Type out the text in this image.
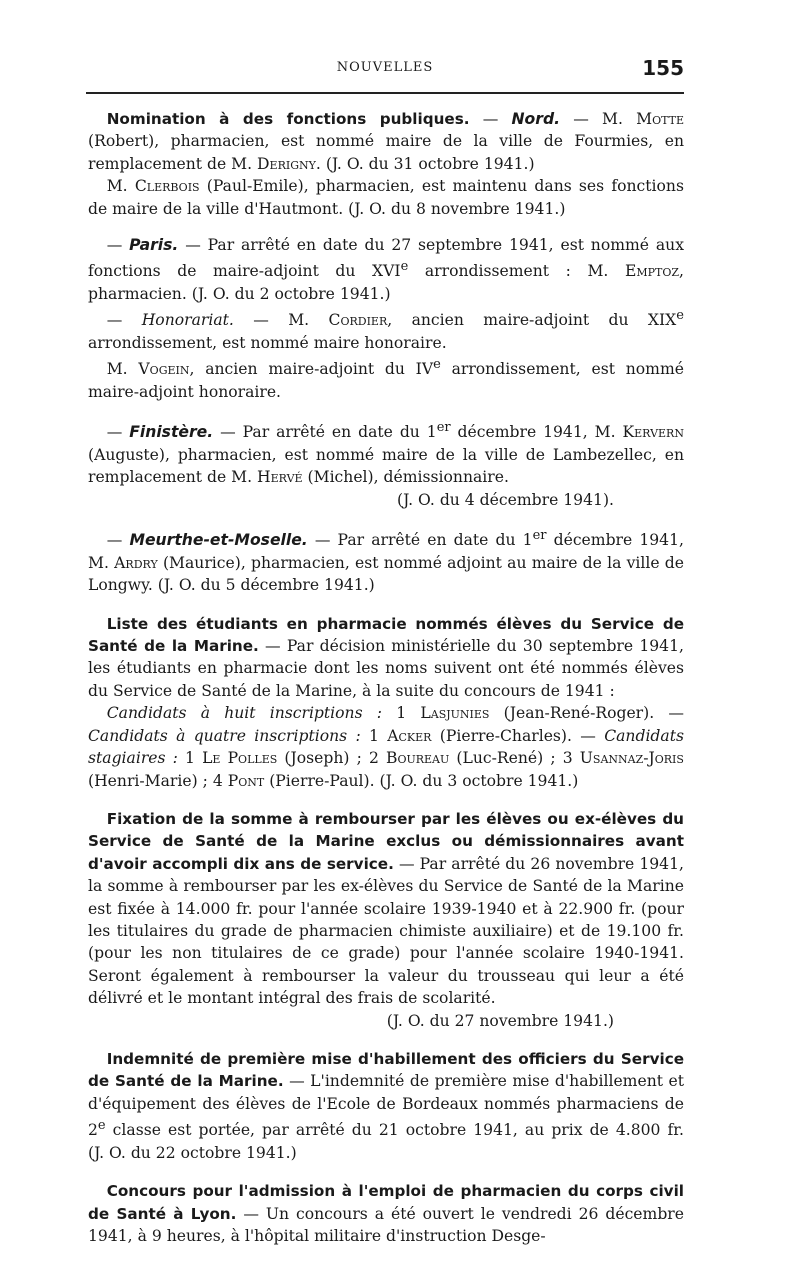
NOUVELLES	155

Nomination à des fonctions publiques. — Nord. — M. Motte (Robert), pharmacien, est nommé maire de la ville de Fourmies, en remplacement de M. Derigny. (J. O. du 31 octobre 1941.)

M. Clerbois (Paul-Emile), pharmacien, est maintenu dans ses fonctions de maire de la ville d'Hautmont. (J. O. du 8 novembre 1941.)

— Paris. — Par arrêté en date du 27 septembre 1941, est nommé aux fonctions de maire-adjoint du XVIe arrondissement : M. Emptoz, pharmacien. (J. O. du 2 octobre 1941.)

— Honorariat. — M. Cordier, ancien maire-adjoint du XIXe arrondissement, est nommé maire honoraire.

M. Vogein, ancien maire-adjoint du IVe arrondissement, est nommé maire-adjoint honoraire.

— Finistère. — Par arrêté en date du 1er décembre 1941, M. Kervern (Auguste), pharmacien, est nommé maire de la ville de Lambezellec, en remplacement de M. Hervé (Michel), démissionnaire.
(J. O. du 4 décembre 1941).

— Meurthe-et-Moselle. — Par arrêté en date du 1er décembre 1941, M. Ardry (Maurice), pharmacien, est nommé adjoint au maire de la ville de Longwy. (J. O. du 5 décembre 1941.)

Liste des étudiants en pharmacie nommés élèves du Service de Santé de la Marine. — Par décision ministérielle du 30 septembre 1941, les étudiants en pharmacie dont les noms suivent ont été nommés élèves du Service de Santé de la Marine, à la suite du concours de 1941 :

Candidats à huit inscriptions : 1 Lasjunies (Jean-René-Roger). — Candidats à quatre inscriptions : 1 Acker (Pierre-Charles). — Candidats stagiaires : 1 Le Polles (Joseph) ; 2 Boureau (Luc-René) ; 3 Usannaz-Joris (Henri-Marie) ; 4 Pont (Pierre-Paul). (J. O. du 3 octobre 1941.)

Fixation de la somme à rembourser par les élèves ou ex-élèves du Service de Santé de la Marine exclus ou démissionnaires avant d'avoir accompli dix ans de service. — Par arrêté du 26 novembre 1941, la somme à rembourser par les ex-élèves du Service de Santé de la Marine est fixée à 14.000 fr. pour l'année scolaire 1939-1940 et à 22.900 fr. (pour les titulaires du grade de pharmacien chimiste auxiliaire) et de 19.100 fr. (pour les non titulaires de ce grade) pour l'année scolaire 1940-1941. Seront également à rembourser la valeur du trousseau qui leur a été délivré et le montant intégral des frais de scolarité.
(J. O. du 27 novembre 1941.)

Indemnité de première mise d'habillement des officiers du Service de Santé de la Marine. — L'indemnité de première mise d'habillement et d'équipement des élèves de l'Ecole de Bordeaux nommés pharmaciens de 2e classe est portée, par arrêté du 21 octobre 1941, au prix de 4.800 fr. (J. O. du 22 octobre 1941.)

Concours pour l'admission à l'emploi de pharmacien du corps civil de Santé à Lyon. — Un concours a été ouvert le vendredi 26 décembre 1941, à 9 heures, à l'hôpital militaire d'instruction Desge-
